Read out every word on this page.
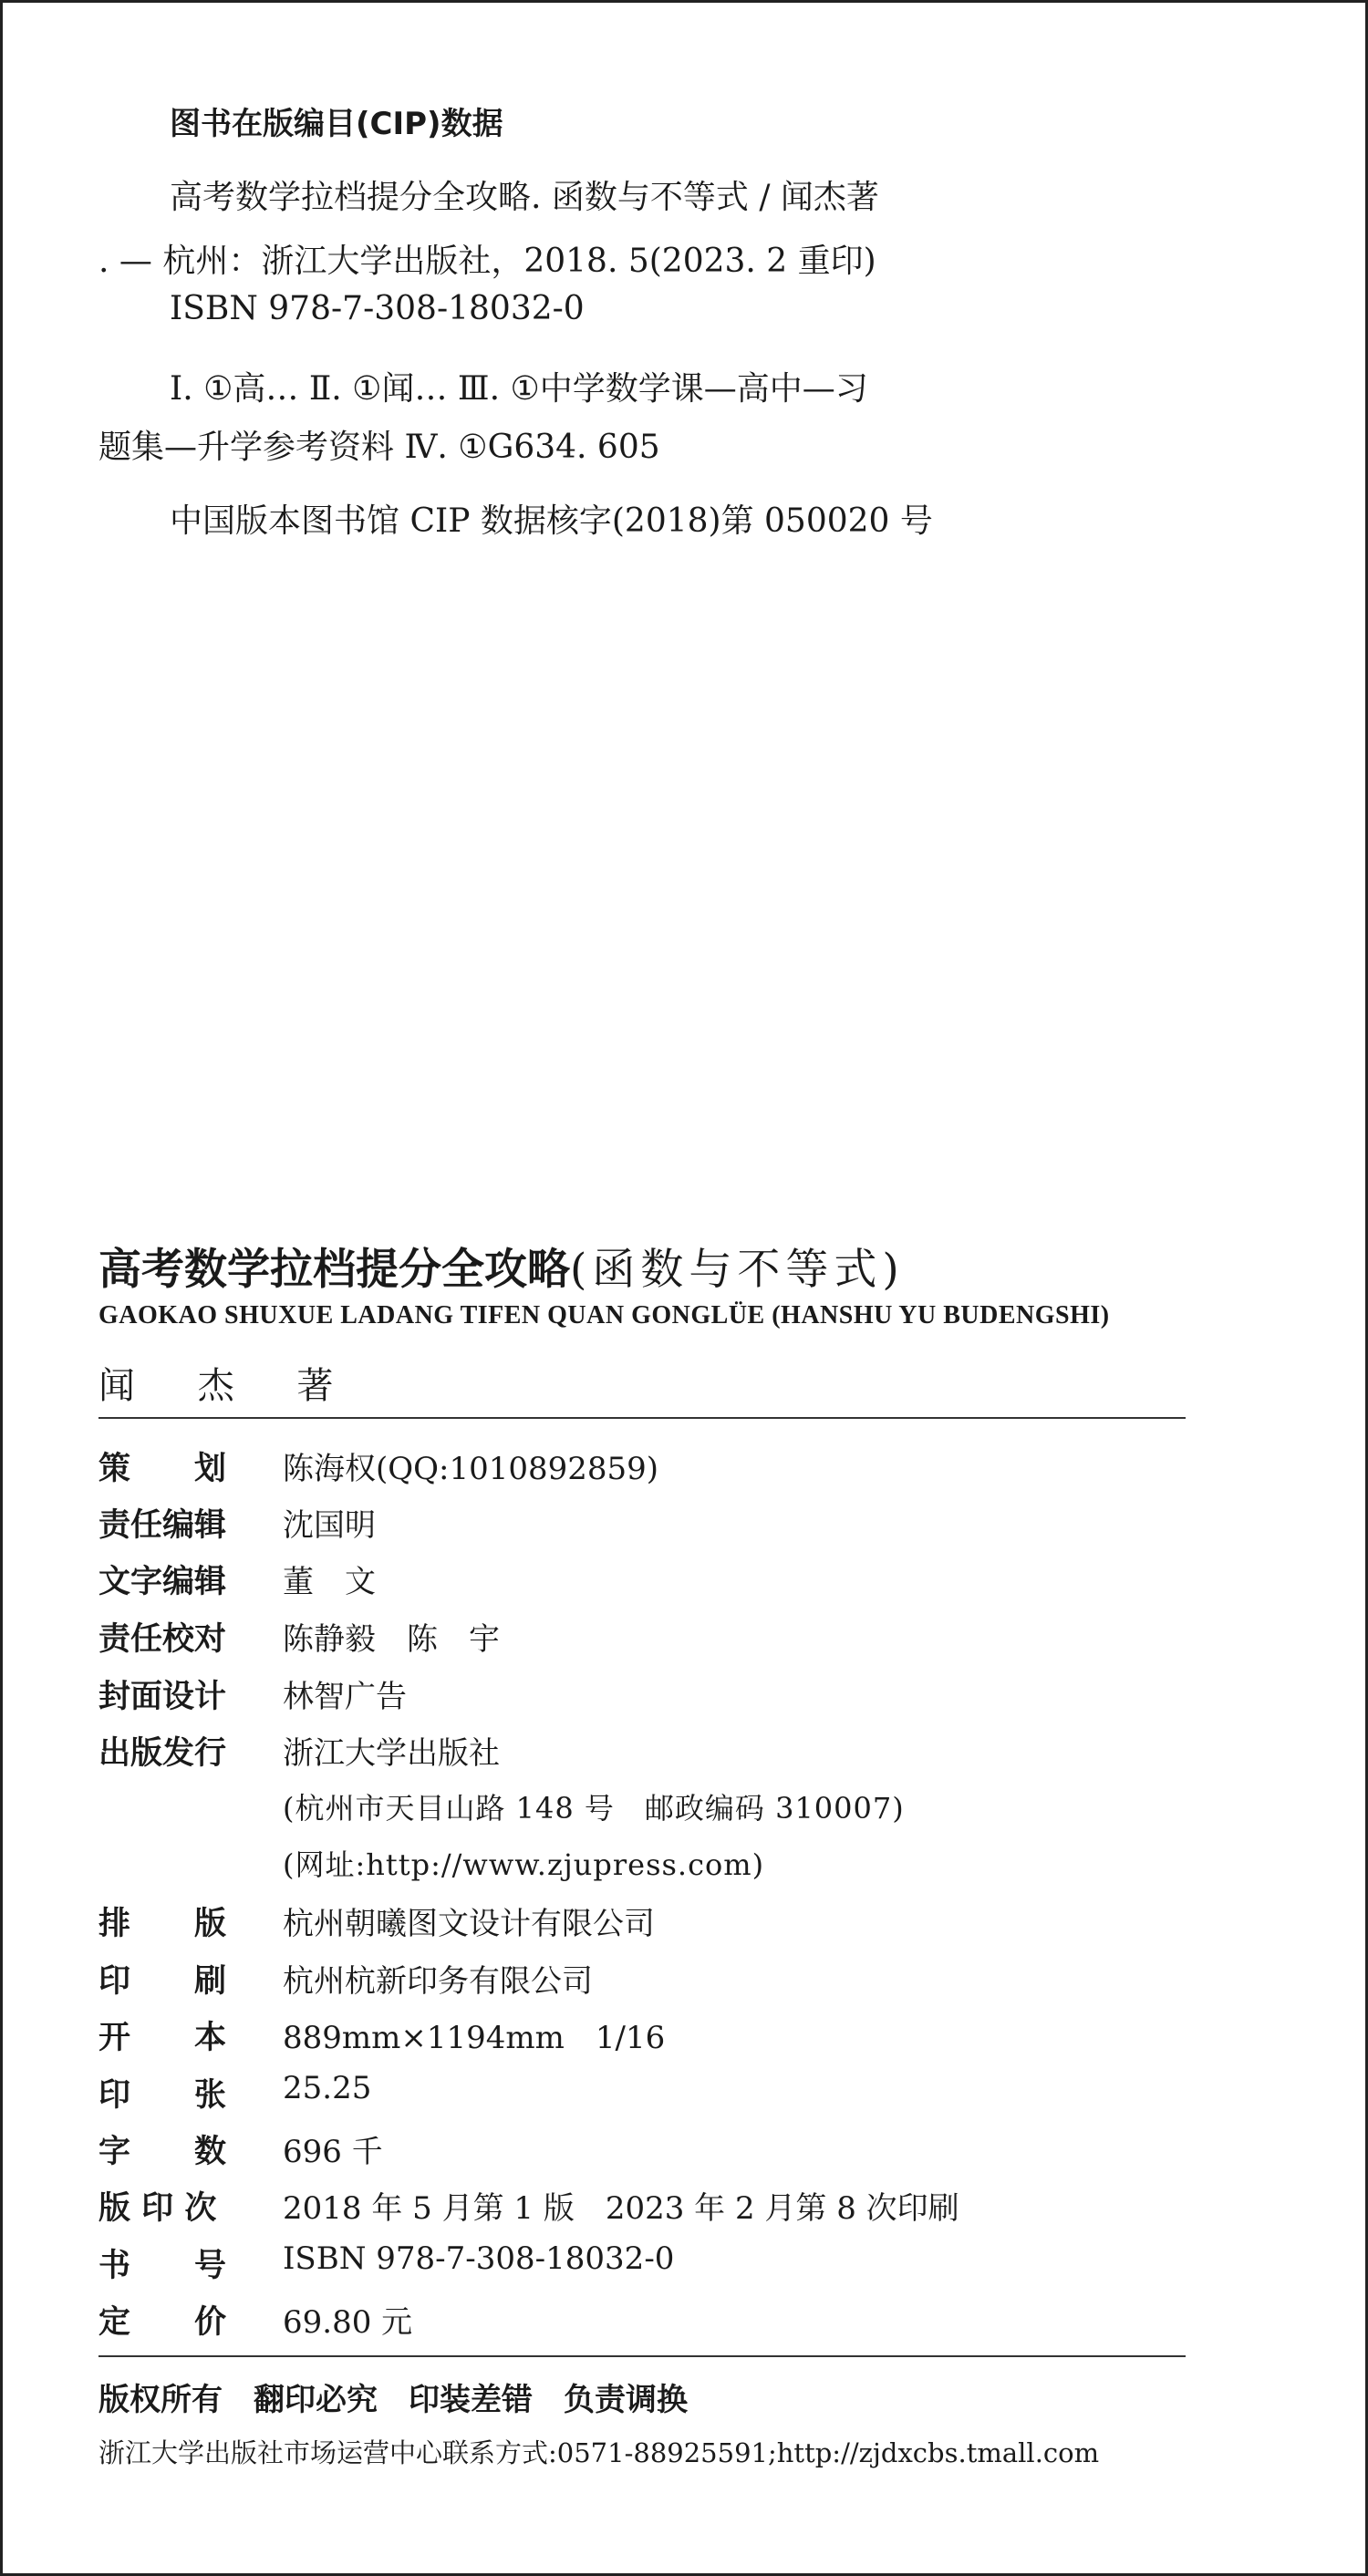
图书在版编目(CIP)数据
高考数学拉档提分全攻略. 函数与不等式 / 闻杰著
. — 杭州：浙江大学出版社，2018. 5(2023. 2 重印)
ISBN 978-7-308-18032-0
Ⅰ. ①高… Ⅱ. ①闻… Ⅲ. ①中学数学课—高中—习
题集—升学参考资料 Ⅳ. ①G634. 605
中国版本图书馆 CIP 数据核字(2018)第 050020 号
高考数学拉档提分全攻略(函数与不等式)
GAOKAO SHUXUE LADANG TIFEN QUAN GONGLÜE (HANSHU YU BUDENGSHI)
闻 杰 著
策　　划 陈海权(QQ:1010892859)
责任编辑 沈国明
文字编辑 董　文
责任校对 陈静毅　陈　宇
封面设计 林智广告
出版发行 浙江大学出版社
(杭州市天目山路 148 号　邮政编码 310007)
(网址:http://www.zjupress.com)
排　　版 杭州朝曦图文设计有限公司
印　　刷 杭州杭新印务有限公司
开　　本 889mm×1194mm　1/16
印　　张 25.25
字　　数 696 千
版 印 次 2018 年 5 月第 1 版　2023 年 2 月第 8 次印刷
书　　号 ISBN 978-7-308-18032-0
定　　价 69.80 元
版权所有　翻印必究　印装差错　负责调换
浙江大学出版社市场运营中心联系方式:0571-88925591;http://zjdxcbs.tmall.com
